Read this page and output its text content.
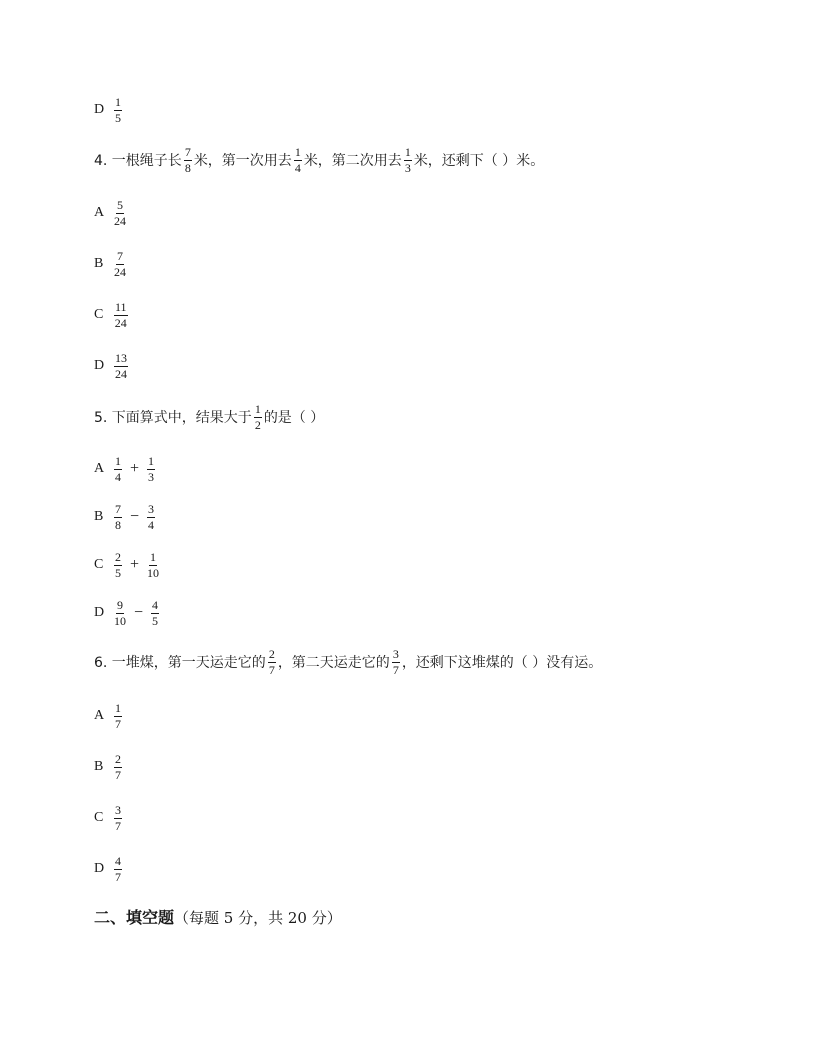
D $\frac{1}{5}$
4. 一根绳子长 $\frac{7}{8}$ 米，第一次用去 $\frac{1}{4}$ 米，第二次用去 $\frac{1}{3}$ 米，还剩下（ ）米。
A $\frac{5}{24}$
B $\frac{7}{24}$
C $\frac{11}{24}$
D $\frac{13}{24}$
5. 下面算式中，结果大于 $\frac{1}{2}$ 的是（ ）
A $\frac{1}{4} + \frac{1}{3}$
B $\frac{7}{8} - \frac{3}{4}$
C $\frac{2}{5} + \frac{1}{10}$
D $\frac{9}{10} - \frac{4}{5}$
6. 一堆煤，第一天运走它的 $\frac{2}{7}$ ，第二天运走它的 $\frac{3}{7}$ ，还剩下这堆煤的（ ）没有运。
A $\frac{1}{7}$
B $\frac{2}{7}$
C $\frac{3}{7}$
D $\frac{4}{7}$
二、填空题（每题 5 分，共 20 分）
